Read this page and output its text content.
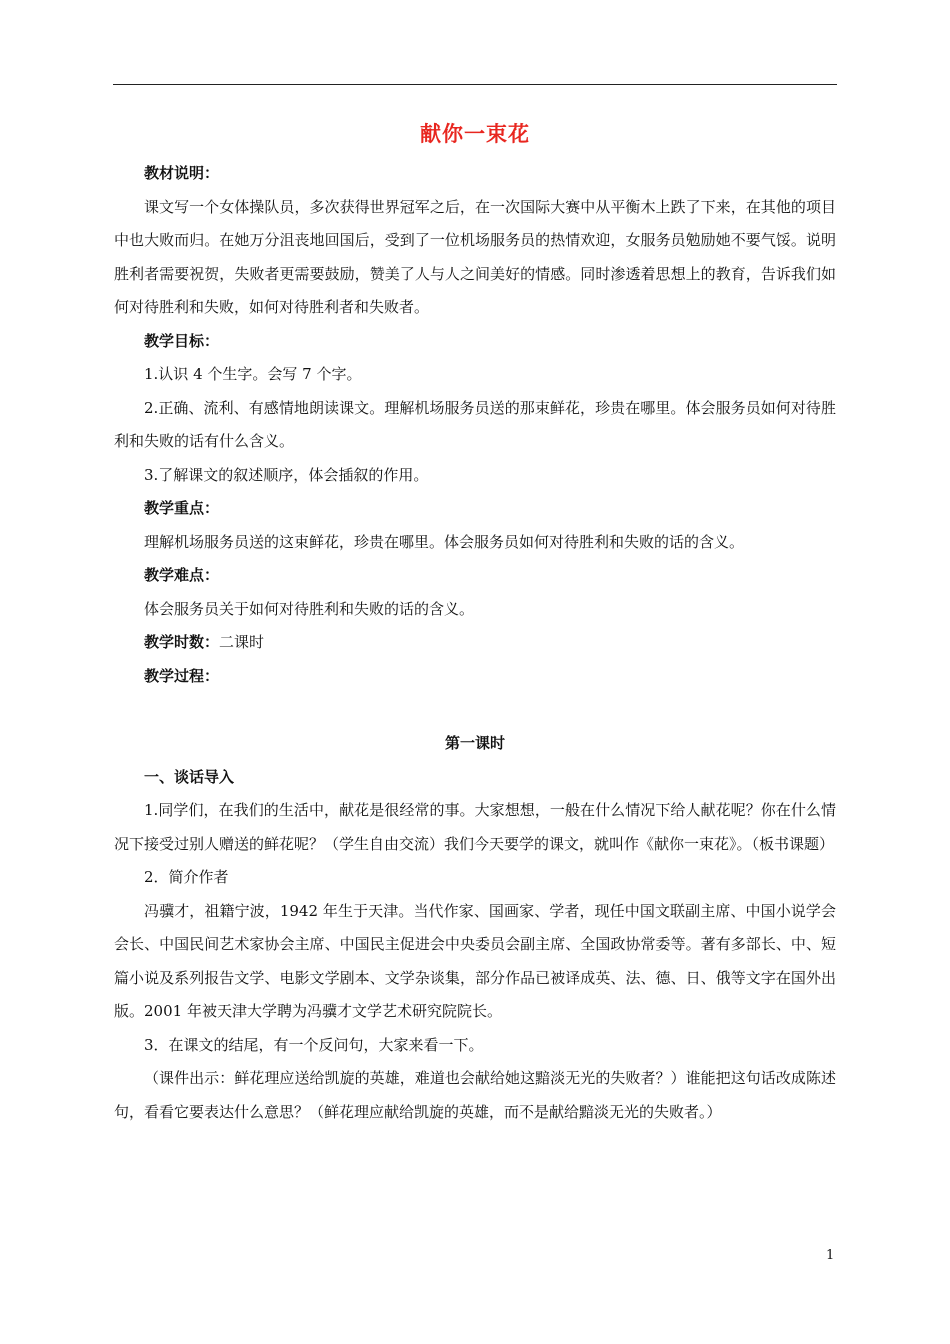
献你一束花

教材说明：

课文写一个女体操队员，多次获得世界冠军之后，在一次国际大赛中从平衡木上跌了下来，在其他的项目中也大败而归。在她万分沮丧地回国后，受到了一位机场服务员的热情欢迎，女服务员勉励她不要气馁。说明胜利者需要祝贺，失败者更需要鼓励，赞美了人与人之间美好的情感。同时渗透着思想上的教育，告诉我们如何对待胜利和失败，如何对待胜利者和失败者。

教学目标：

1.认识 4 个生字。会写 7 个字。

2.正确、流利、有感情地朗读课文。理解机场服务员送的那束鲜花，珍贵在哪里。体会服务员如何对待胜利和失败的话有什么含义。

3.了解课文的叙述顺序，体会插叙的作用。

教学重点：

理解机场服务员送的这束鲜花，珍贵在哪里。体会服务员如何对待胜利和失败的话的含义。

教学难点：

体会服务员关于如何对待胜利和失败的话的含义。

教学时数：二课时

教学过程：

第一课时

一、谈话导入

1.同学们，在我们的生活中，献花是很经常的事。大家想想，一般在什么情况下给人献花呢？你在什么情况下接受过别人赠送的鲜花呢？（学生自由交流）我们今天要学的课文，就叫作《献你一束花》。（板书课题）

2．简介作者

冯骥才，祖籍宁波，1942 年生于天津。当代作家、国画家、学者，现任中国文联副主席、中国小说学会会长、中国民间艺术家协会主席、中国民主促进会中央委员会副主席、全国政协常委等。著有多部长、中、短篇小说及系列报告文学、电影文学剧本、文学杂谈集，部分作品已被译成英、法、德、日、俄等文字在国外出版。2001 年被天津大学聘为冯骥才文学艺术研究院院长。

3．在课文的结尾，有一个反问句，大家来看一下。

（课件出示：鲜花理应送给凯旋的英雄，难道也会献给她这黯淡无光的失败者？）谁能把这句话改成陈述句，看看它要表达什么意思？（鲜花理应献给凯旋的英雄，而不是献给黯淡无光的失败者。）

1
